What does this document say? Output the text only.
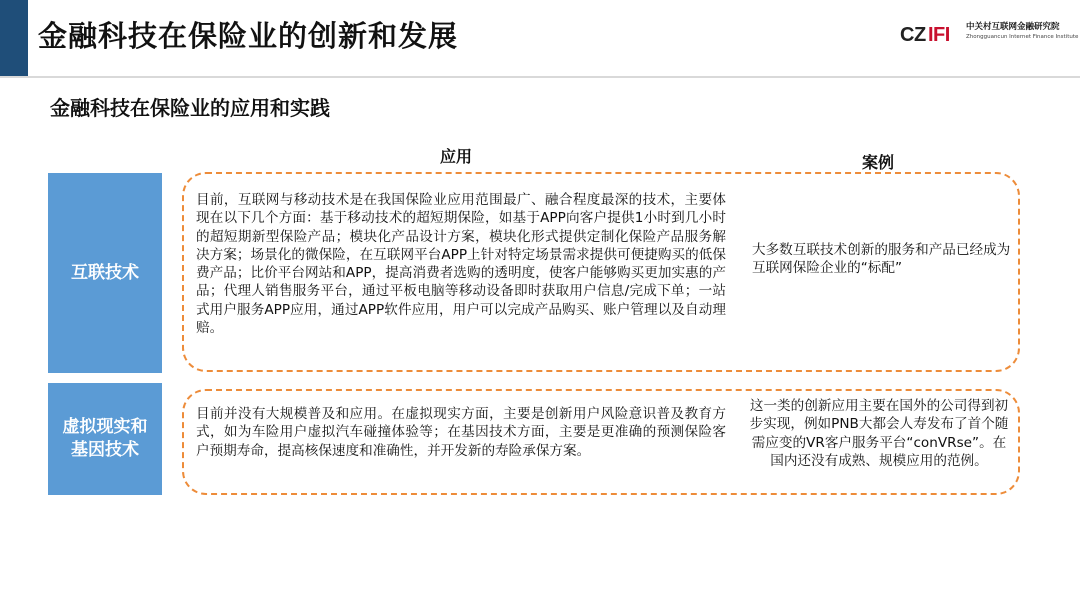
金融科技在保险业的创新和发展	CZ IFI 中关村互联网金融研究院
Zhongguancun Internet Finance Institute
金融科技在保险业的应用和实践
应用	案例
互联技术
目前，互联网与移动技术是在我国保险业应用范围最广、融合程度最深的技术，主要体现在以下几个方面：基于移动技术的超短期保险，如基于APP向客户提供1小时到几小时的超短期新型保险产品；模块化产品设计方案，模块化形式提供定制化保险产品服务解决方案；场景化的微保险，在互联网平台APP上针对特定场景需求提供可便捷购买的低保费产品；比价平台网站和APP，提高消费者选购的透明度，使客户能够购买更加实惠的产品；代理人销售服务平台，通过平板电脑等移动设备即时获取用户信息/完成下单；一站式用户服务APP应用，通过APP软件应用，用户可以完成产品购买、账户管理以及自动理赔。
大多数互联技术创新的服务和产品已经成为互联网保险企业的“标配”
虚拟现实和基因技术
目前并没有大规模普及和应用。在虚拟现实方面，主要是创新用户风险意识普及教育方式，如为车险用户虚拟汽车碰撞体验等；在基因技术方面，主要是更准确的预测保险客户预期寿命，提高核保速度和准确性，并开发新的寿险承保方案。
这一类的创新应用主要在国外的公司得到初步实现，例如PNB大都会人寿发布了首个随需应变的VR客户服务平台“conVRse”。在国内还没有成熟、规模应用的范例。
